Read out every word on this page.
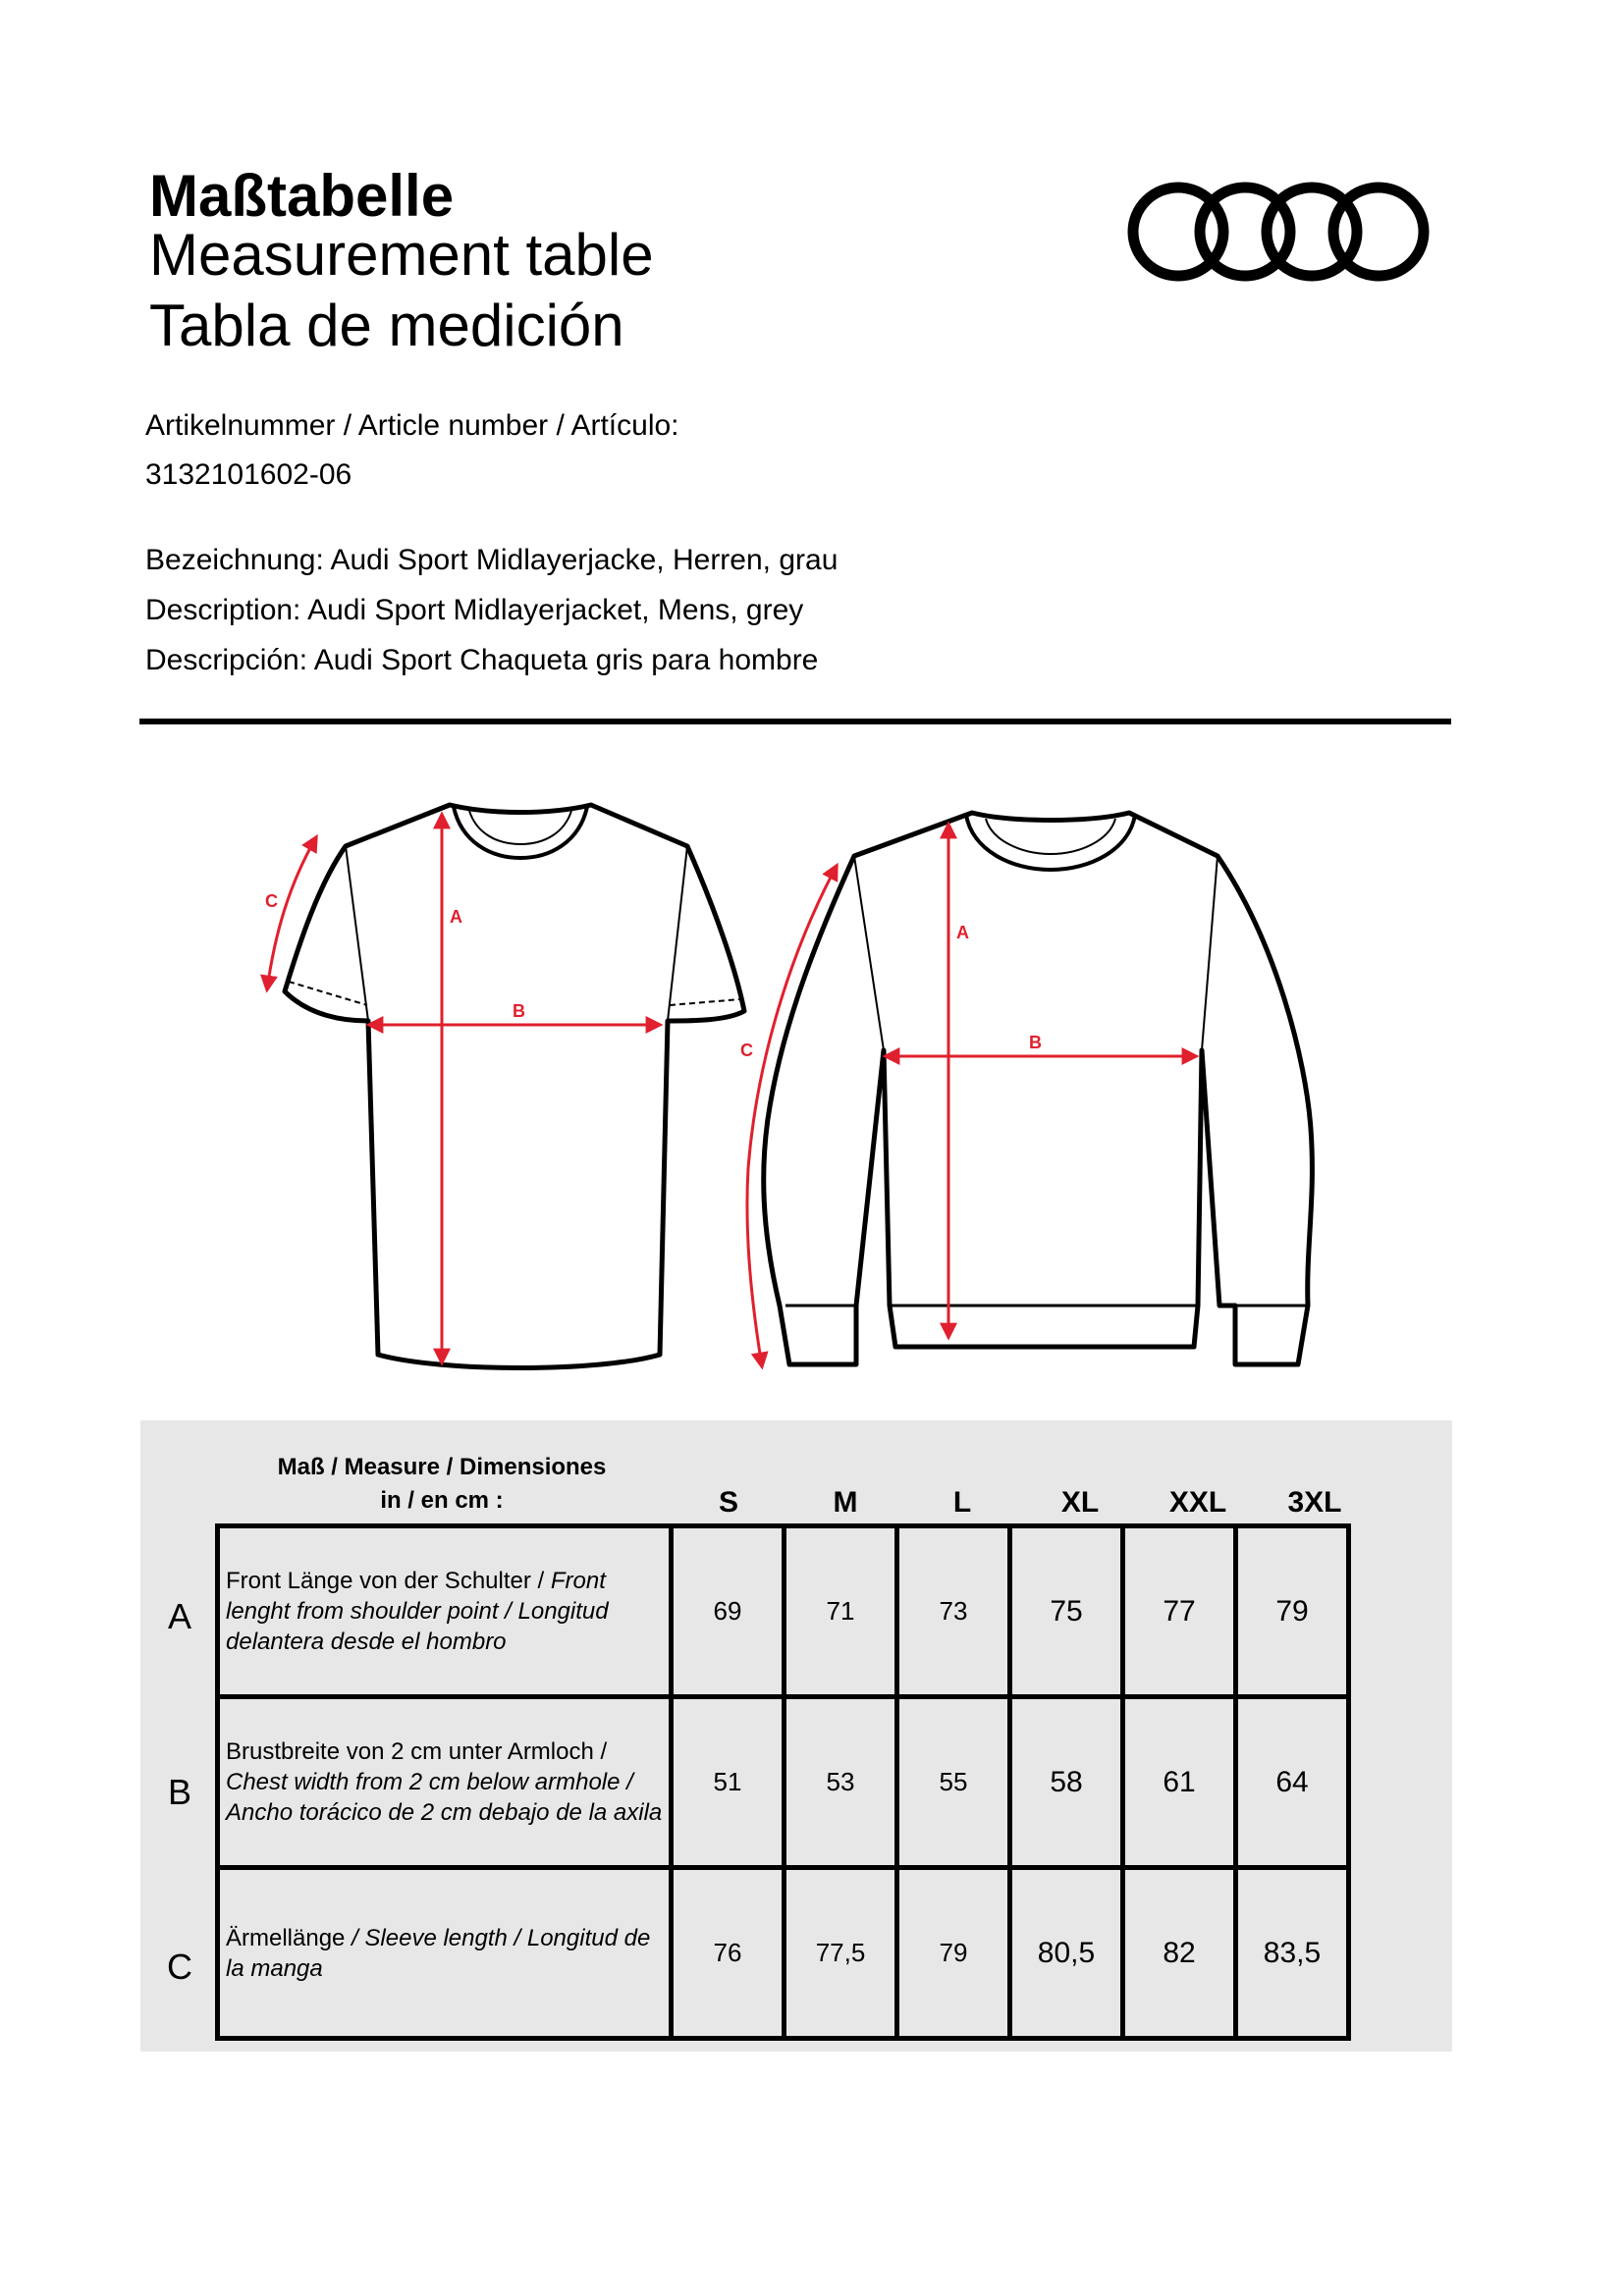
Maßtabelle
Measurement table
Tabla de medición
Artikelnummer / Article number / Artículo:
3132101602-06
Bezeichnung: Audi Sport Midlayerjacke, Herren, grau
Description: Audi Sport Midlayerjacket, Mens, grey
Descripción: Audi Sport Chaqueta gris para hombre
A
B
C
A
B
C
Maß / Measure / Dimensiones
in / en cm :	S	M	L	XL	XXL	3XL
A
B
C
Front Länge von der Schulter / Front lenght from shoulder point / Longitud delantera desde el hombro	69	71	73	75	77	79
Brustbreite von 2 cm unter Armloch / Chest width from 2 cm below armhole / Ancho torácico de 2 cm debajo de la axila	51	53	55	58	61	64
Ärmellänge / Sleeve length / Longitud de la manga	76	77,5	79	80,5	82	83,5
